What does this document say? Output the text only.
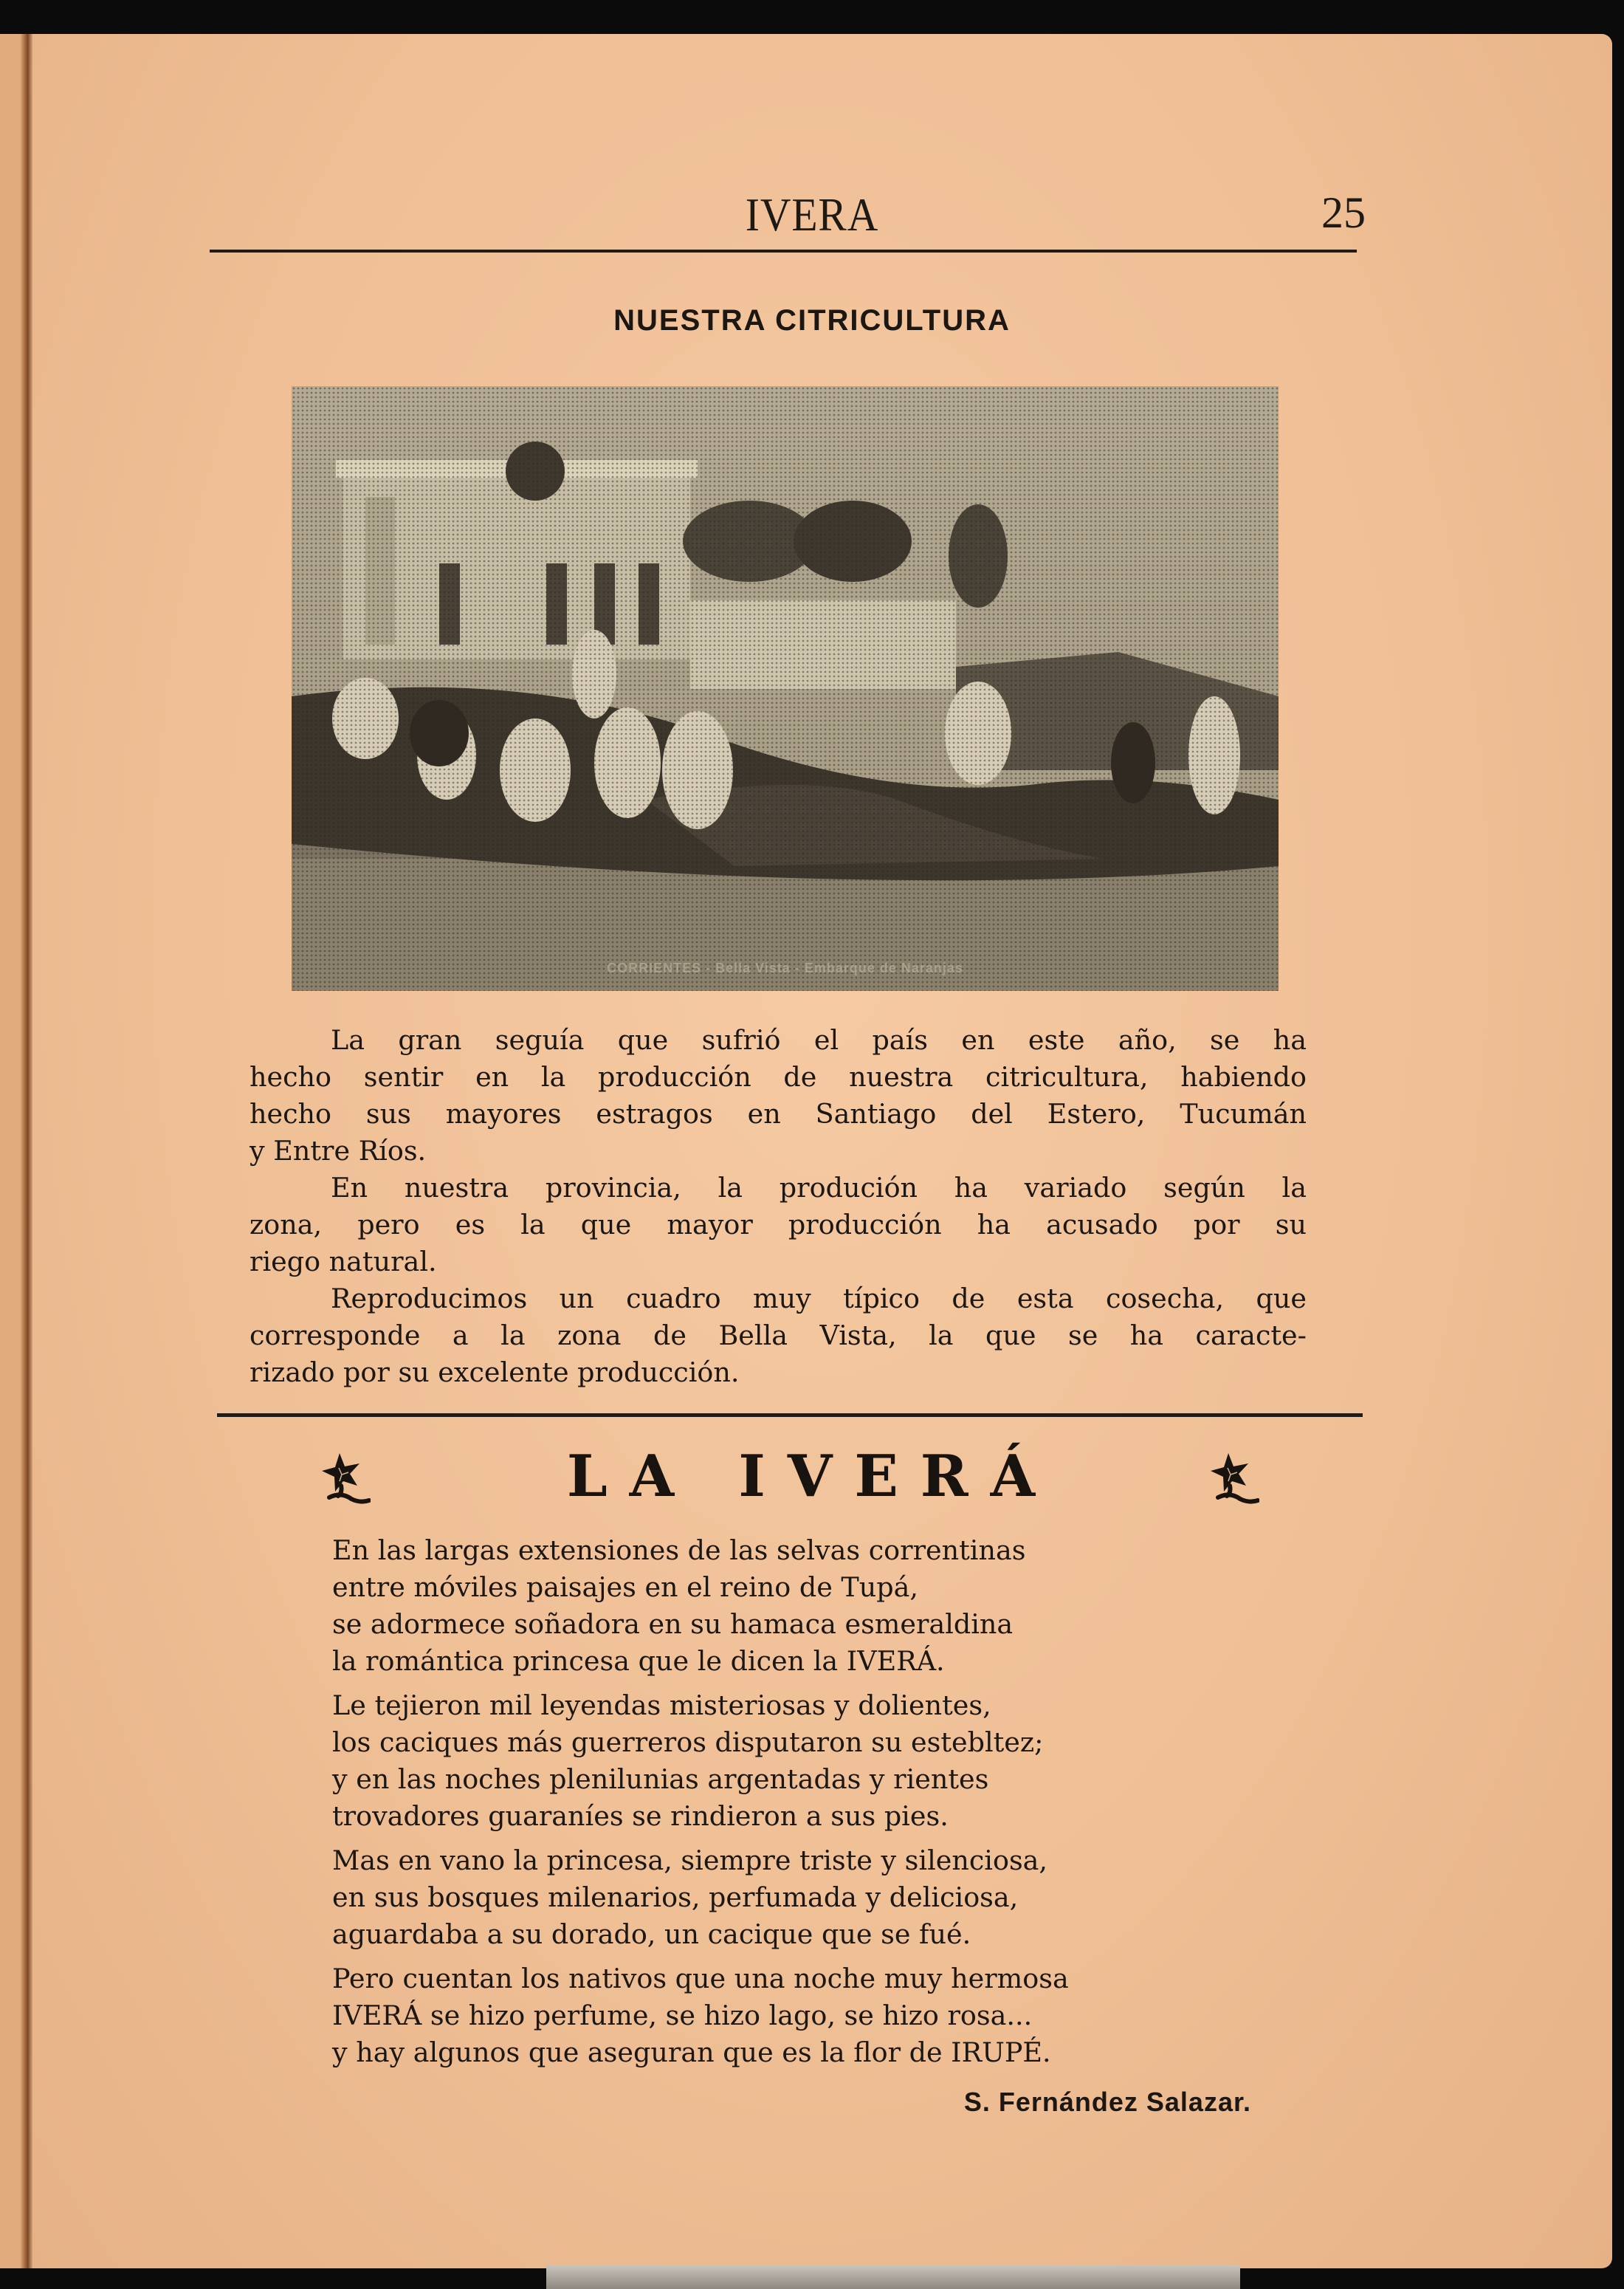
IVERA	25
NUESTRA CITRICULTURA
CORRIENTES - Bella Vista - Embarque de Naranjas
La gran seguía que sufrió el país en este año, se ha
hecho sentir en la producción de nuestra citricultura, habiendo
hecho sus mayores estragos en Santiago del Estero, Tucumán
y Entre Ríos.
En nuestra provincia, la produción ha variado según la
zona, pero es la que mayor producción ha acusado por su
riego natural.
Reproducimos un cuadro muy típico de esta cosecha, que
corresponde a la zona de Bella Vista, la que se ha caracte-
rizado por su excelente producción.
LA IVERÁ
En las largas extensiones de las selvas correntinas
entre móviles paisajes en el reino de Tupá,
se adormece soñadora en su hamaca esmeraldina
la romántica princesa que le dicen la IVERÁ.
Le tejieron mil leyendas misteriosas y dolientes,
los caciques más guerreros disputaron su estebltez;
y en las noches plenilunias argentadas y rientes
trovadores guaraníes se rindieron a sus pies.
Mas en vano la princesa, siempre triste y silenciosa,
en sus bosques milenarios, perfumada y deliciosa,
aguardaba a su dorado, un cacique que se fué.
Pero cuentan los nativos que una noche muy hermosa
IVERÁ se hizo perfume, se hizo lago, se hizo rosa...
y hay algunos que aseguran que es la flor de IRUPÉ.
S. Fernández Salazar.
